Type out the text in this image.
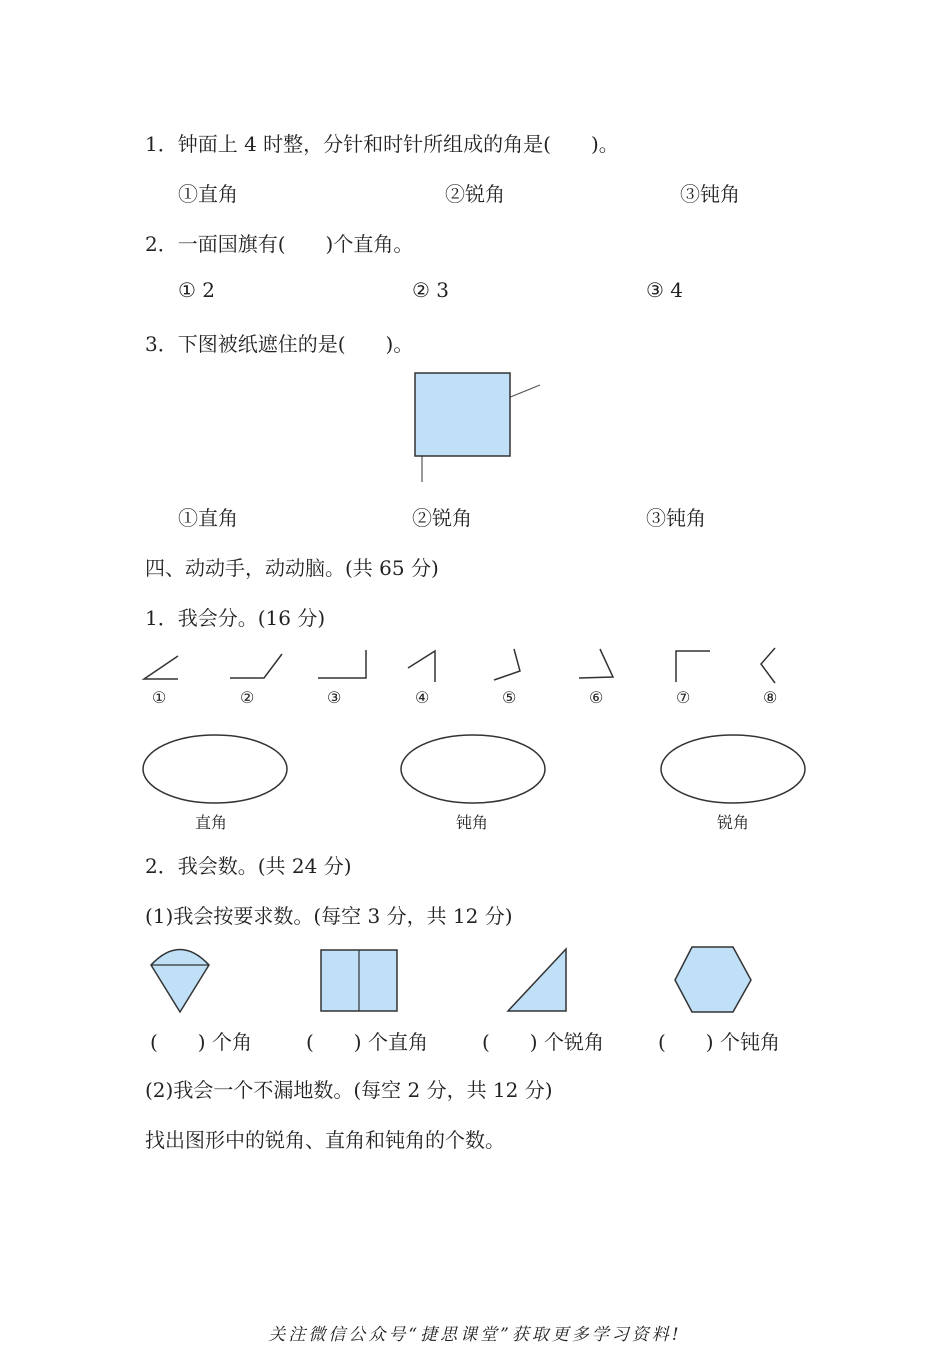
1．钟面上 4 时整，分针和时针所组成的角是(　　)。
①直角	②锐角	③钝角
2．一面国旗有(　　)个直角。
① 2	② 3	③ 4
3．下图被纸遮住的是(　　)。
①直角	②锐角	③钝角
四、动动手，动动脑。(共 65 分)
1．我会分。(16 分)
①	②	③	④	⑤	⑥	⑦	⑧
直角	钝角	锐角
2．我会数。(共 24 分)
(1)我会按要求数。(每空 3 分，共 12 分)
(　　) 个角	(　　) 个直角	(　　) 个锐角	(　　) 个钝角
(2)我会一个不漏地数。(每空 2 分，共 12 分)
找出图形中的锐角、直角和钝角的个数。
关注微信公众号“捷思课堂”获取更多学习资料!
